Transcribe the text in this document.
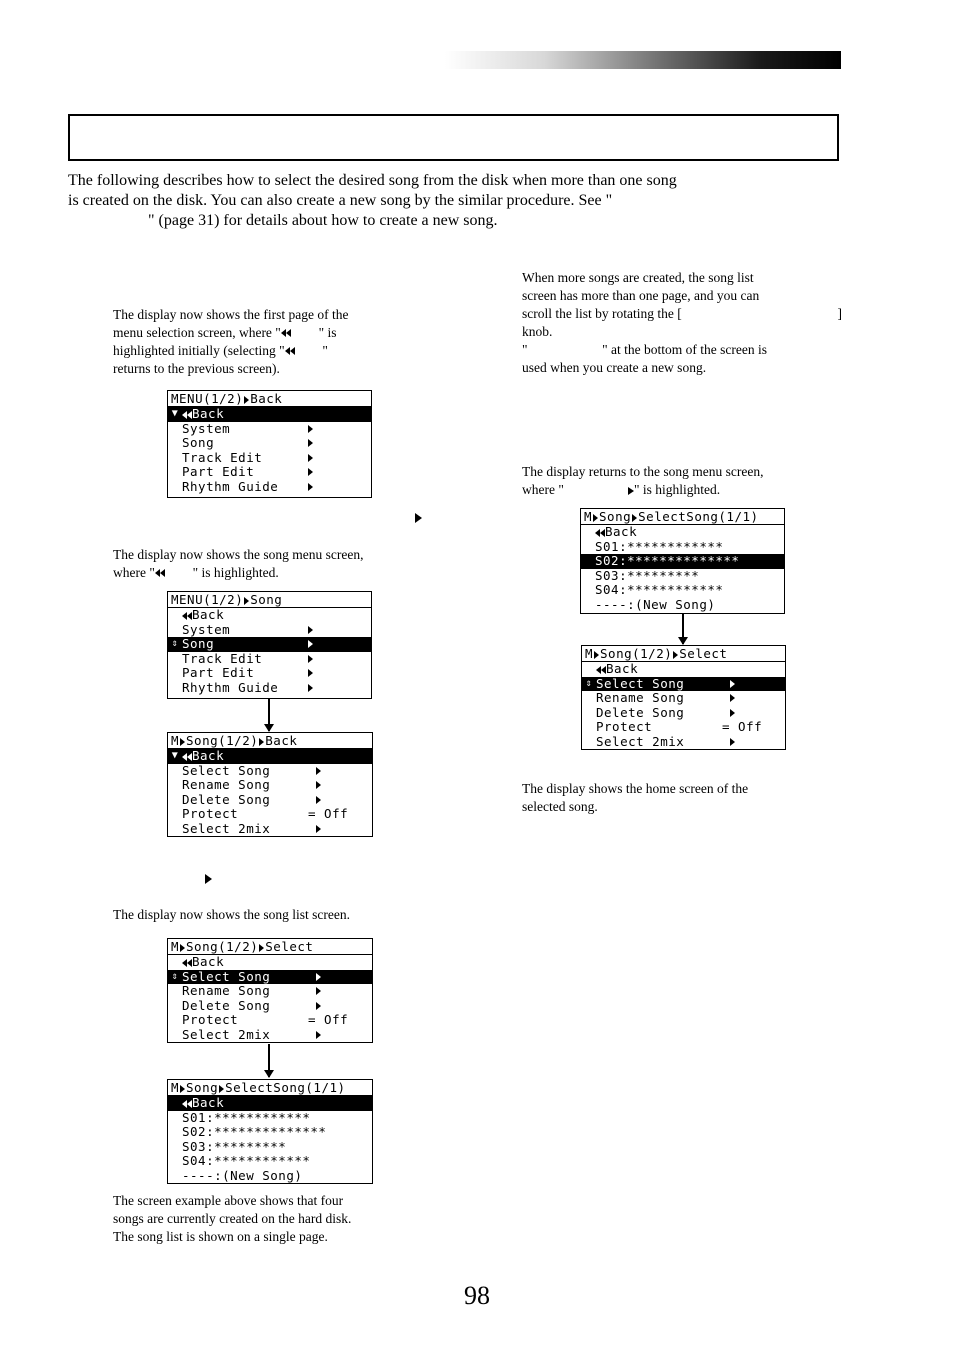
The following describes how to select the desired song from the disk when more than one song
is created on the disk. You can also create a new song by the similar procedure. See "
" (page 31) for details about how to create a new song.
The display now shows the first page of the
menu selection screen, where "	" is
highlighted initially (selecting "	"
returns to the previous screen).
MENU(1/2) Back
▼ Back
System
Song
Track Edit
Part Edit
Rhythm Guide
The display now shows the song menu screen,
where "	" is highlighted.
MENU(1/2) Song
Back
System
⇕ Song
Track Edit
Part Edit
Rhythm Guide
M Song(1/2) Back
▼ Back
Select Song
Rename Song
Delete Song
Protect	= Off
Select 2mix
The display now shows the song list screen.
M Song(1/2) Select
Back
⇕ Select Song
Rename Song
Delete Song
Protect	= Off
Select 2mix
M Song SelectSong(1/1)
Back
S01:************
S02:**************
S03:*********
S04:************
----:(New Song)
The screen example above shows that four
songs are currently created on the hard disk.
The song list is shown on a single page.
When more songs are created, the song list
screen has more than one page, and you can
scroll the list by rotating the [	]
knob.
"	" at the bottom of the screen is
used when you create a new song.
The display returns to the song menu screen,
where "	" is highlighted.
M Song SelectSong(1/1)
Back
S01:************
S02:**************
S03:*********
S04:************
----:(New Song)
M Song(1/2) Select
Back
⇕ Select Song
Rename Song
Delete Song
Protect	= Off
Select 2mix
The display shows the home screen of the
selected song.
98
